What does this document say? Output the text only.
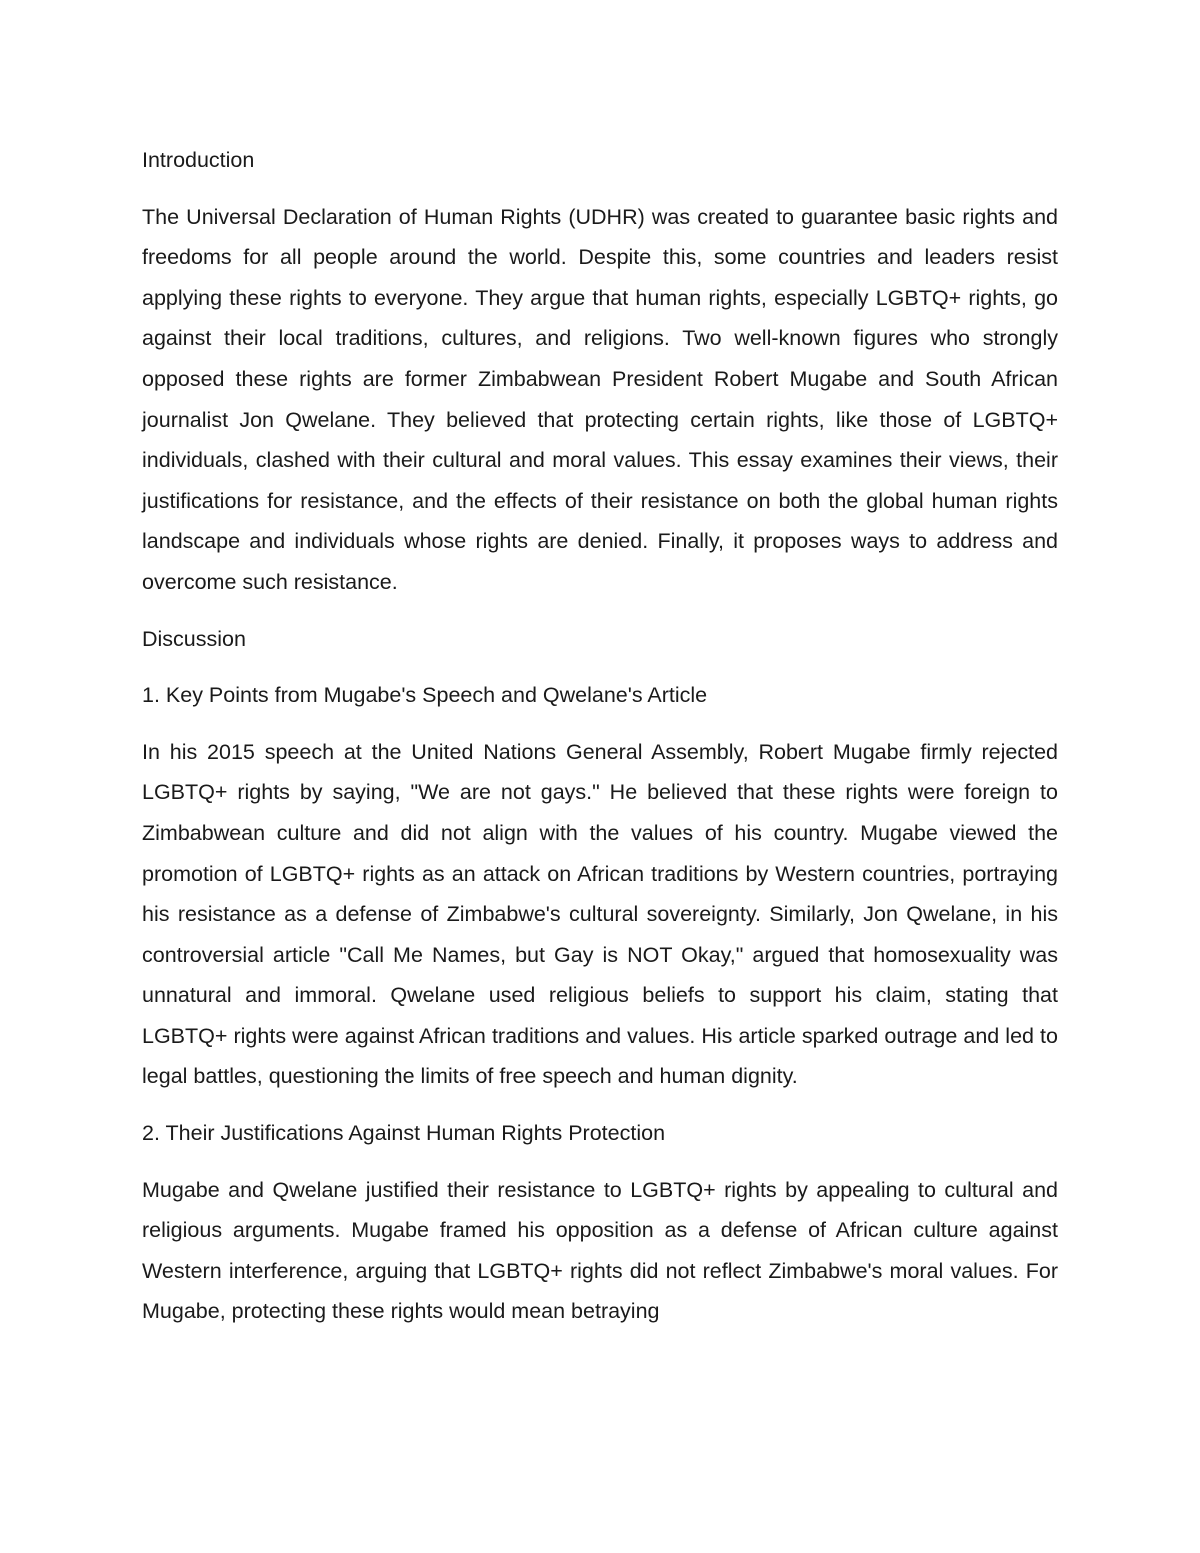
Introduction

The Universal Declaration of Human Rights (UDHR) was created to guarantee basic rights and freedoms for all people around the world. Despite this, some countries and leaders resist applying these rights to everyone. They argue that human rights, especially LGBTQ+ rights, go against their local traditions, cultures, and religions. Two well-known figures who strongly opposed these rights are former Zimbabwean President Robert Mugabe and South African journalist Jon Qwelane. They believed that protecting certain rights, like those of LGBTQ+ individuals, clashed with their cultural and moral values. This essay examines their views, their justifications for resistance, and the effects of their resistance on both the global human rights landscape and individuals whose rights are denied. Finally, it proposes ways to address and overcome such resistance.

Discussion

1. Key Points from Mugabe's Speech and Qwelane's Article

In his 2015 speech at the United Nations General Assembly, Robert Mugabe firmly rejected LGBTQ+ rights by saying, "We are not gays." He believed that these rights were foreign to Zimbabwean culture and did not align with the values of his country. Mugabe viewed the promotion of LGBTQ+ rights as an attack on African traditions by Western countries, portraying his resistance as a defense of Zimbabwe's cultural sovereignty. Similarly, Jon Qwelane, in his controversial article "Call Me Names, but Gay is NOT Okay," argued that homosexuality was unnatural and immoral. Qwelane used religious beliefs to support his claim, stating that LGBTQ+ rights were against African traditions and values. His article sparked outrage and led to legal battles, questioning the limits of free speech and human dignity.

2. Their Justifications Against Human Rights Protection

Mugabe and Qwelane justified their resistance to LGBTQ+ rights by appealing to cultural and religious arguments. Mugabe framed his opposition as a defense of African culture against Western interference, arguing that LGBTQ+ rights did not reflect Zimbabwe's moral values. For Mugabe, protecting these rights would mean betraying
